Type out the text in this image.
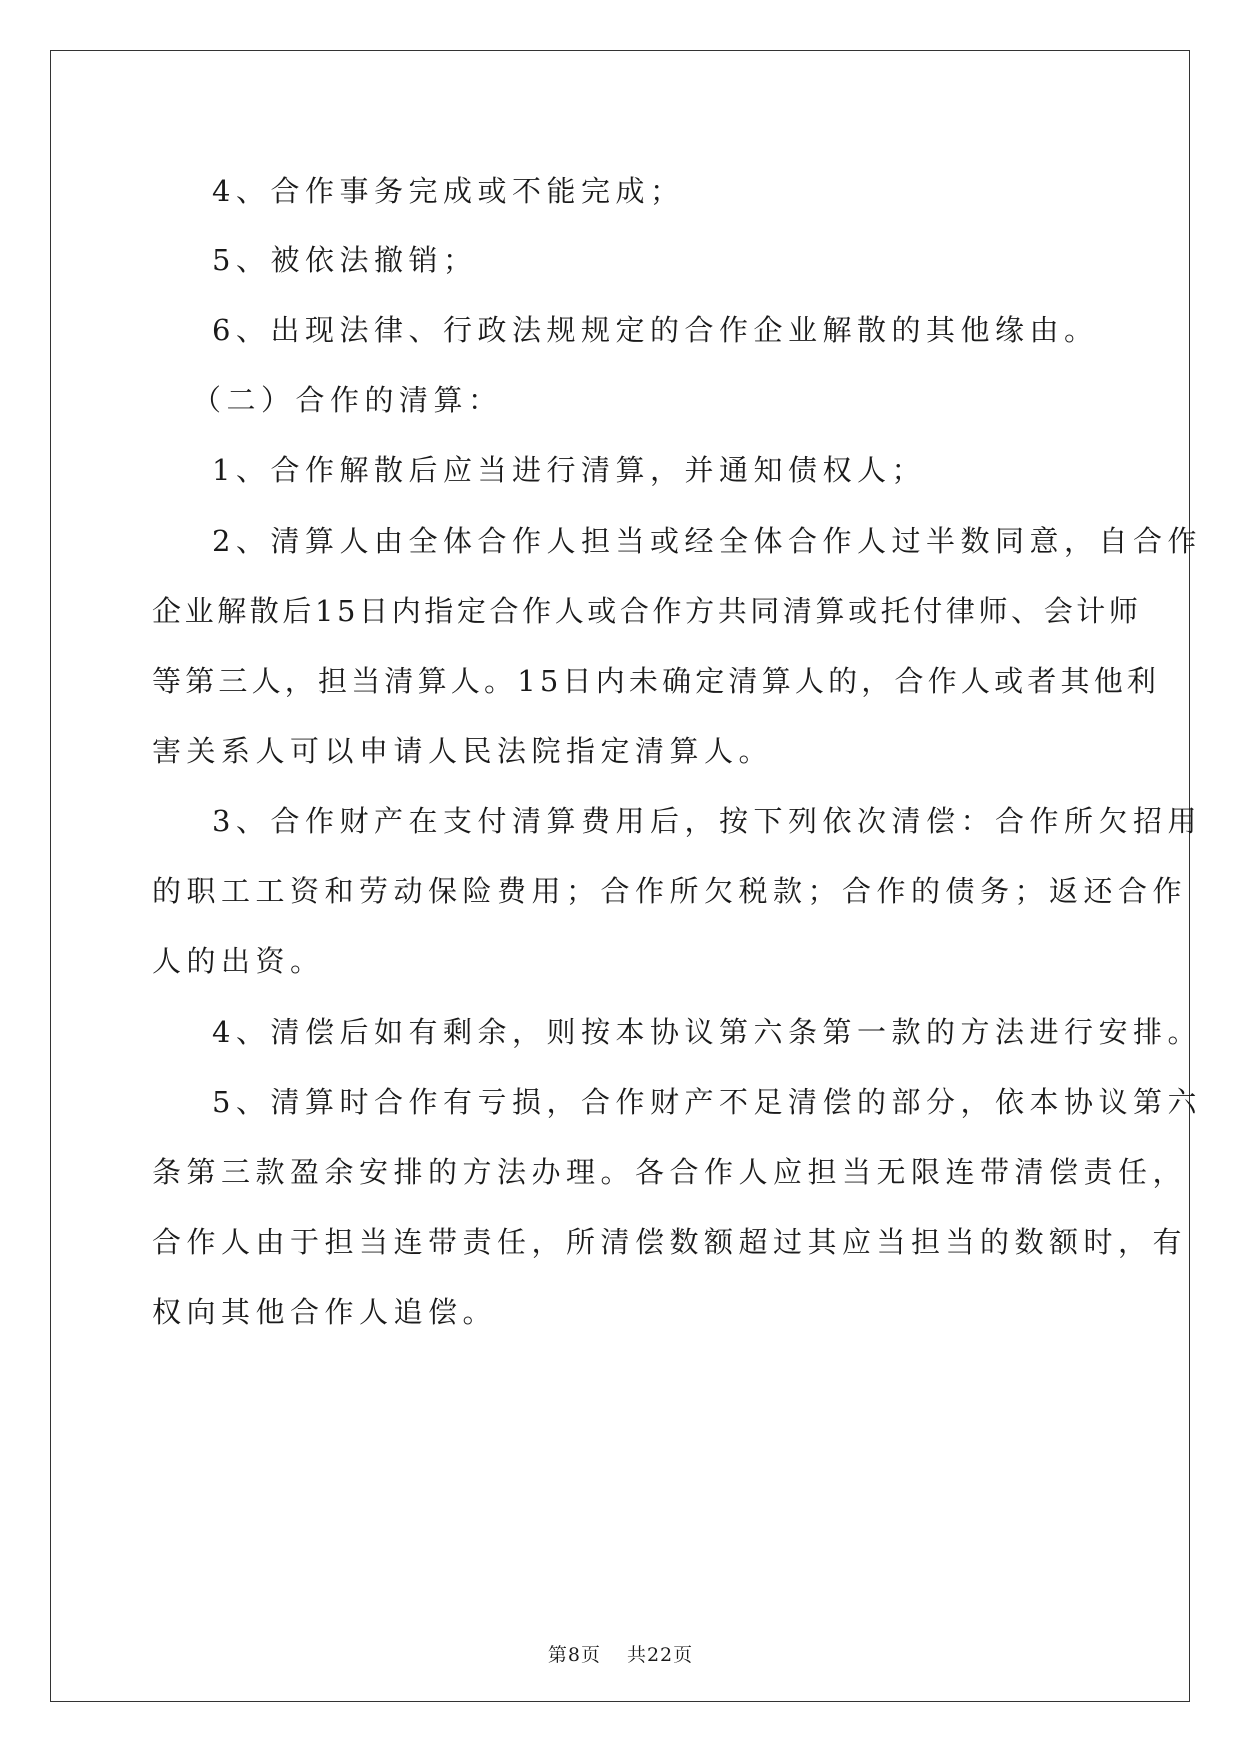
4、合作事务完成或不能完成；
5、被依法撤销；
6、出现法律、行政法规规定的合作企业解散的其他缘由。
（二）合作的清算：
1、合作解散后应当进行清算，并通知债权人；
2、清算人由全体合作人担当或经全体合作人过半数同意，自合作
企业解散后15日内指定合作人或合作方共同清算或托付律师、会计师
等第三人，担当清算人。15日内未确定清算人的，合作人或者其他利
害关系人可以申请人民法院指定清算人。
3、合作财产在支付清算费用后，按下列依次清偿：合作所欠招用
的职工工资和劳动保险费用；合作所欠税款；合作的债务；返还合作
人的出资。
4、清偿后如有剩余，则按本协议第六条第一款的方法进行安排。
5、清算时合作有亏损，合作财产不足清偿的部分，依本协议第六
条第三款盈余安排的方法办理。各合作人应担当无限连带清偿责任，
合作人由于担当连带责任，所清偿数额超过其应当担当的数额时，有
权向其他合作人追偿。
第8页 共22页
